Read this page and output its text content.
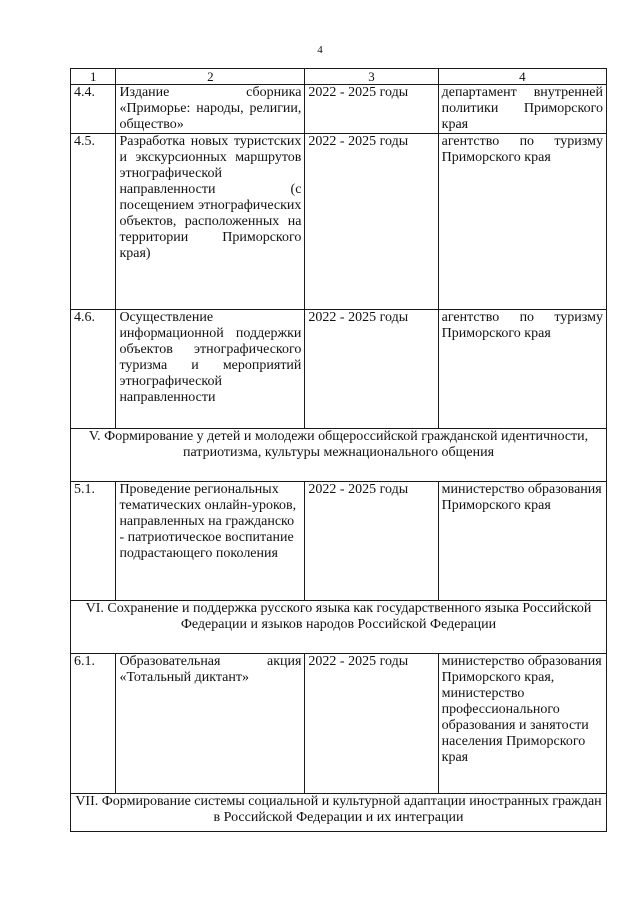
4
1	2	3	4
4.4.	Издание сборника «Приморье: народы, религии, общество»	2022 - 2025 годы	департамент внутренней политики Приморского края
4.5.	Разработка новых туристских и экскурсионных маршрутов этнографической направленности (с посещением этнографических объектов, расположенных на территории Приморского края)	2022 - 2025 годы	агентство по туризму Приморского края
4.6.	Осуществление информационной поддержки объектов этнографического туризма и мероприятий этнографической направленности	2022 - 2025 годы	агентство по туризму Приморского края
V. Формирование у детей и молодежи общероссийской гражданской идентичности, патриотизма, культуры межнационального общения			
5.1.	Проведение региональных тематических онлайн-уроков, направленных на гражданско - патриотическое воспитание подрастающего поколения	2022 - 2025 годы	министерство образования Приморского края
VI. Сохранение и поддержка русского языка как государственного языка Российской Федерации и языков народов Российской Федерации			
6.1.	Образовательная акция «Тотальный диктант»	2022 - 2025 годы	министерство образования Приморского края, министерство профессионального образования и занятости населения Приморского края
VII. Формирование системы социальной и культурной адаптации иностранных граждан в Российской Федерации и их интеграции			
